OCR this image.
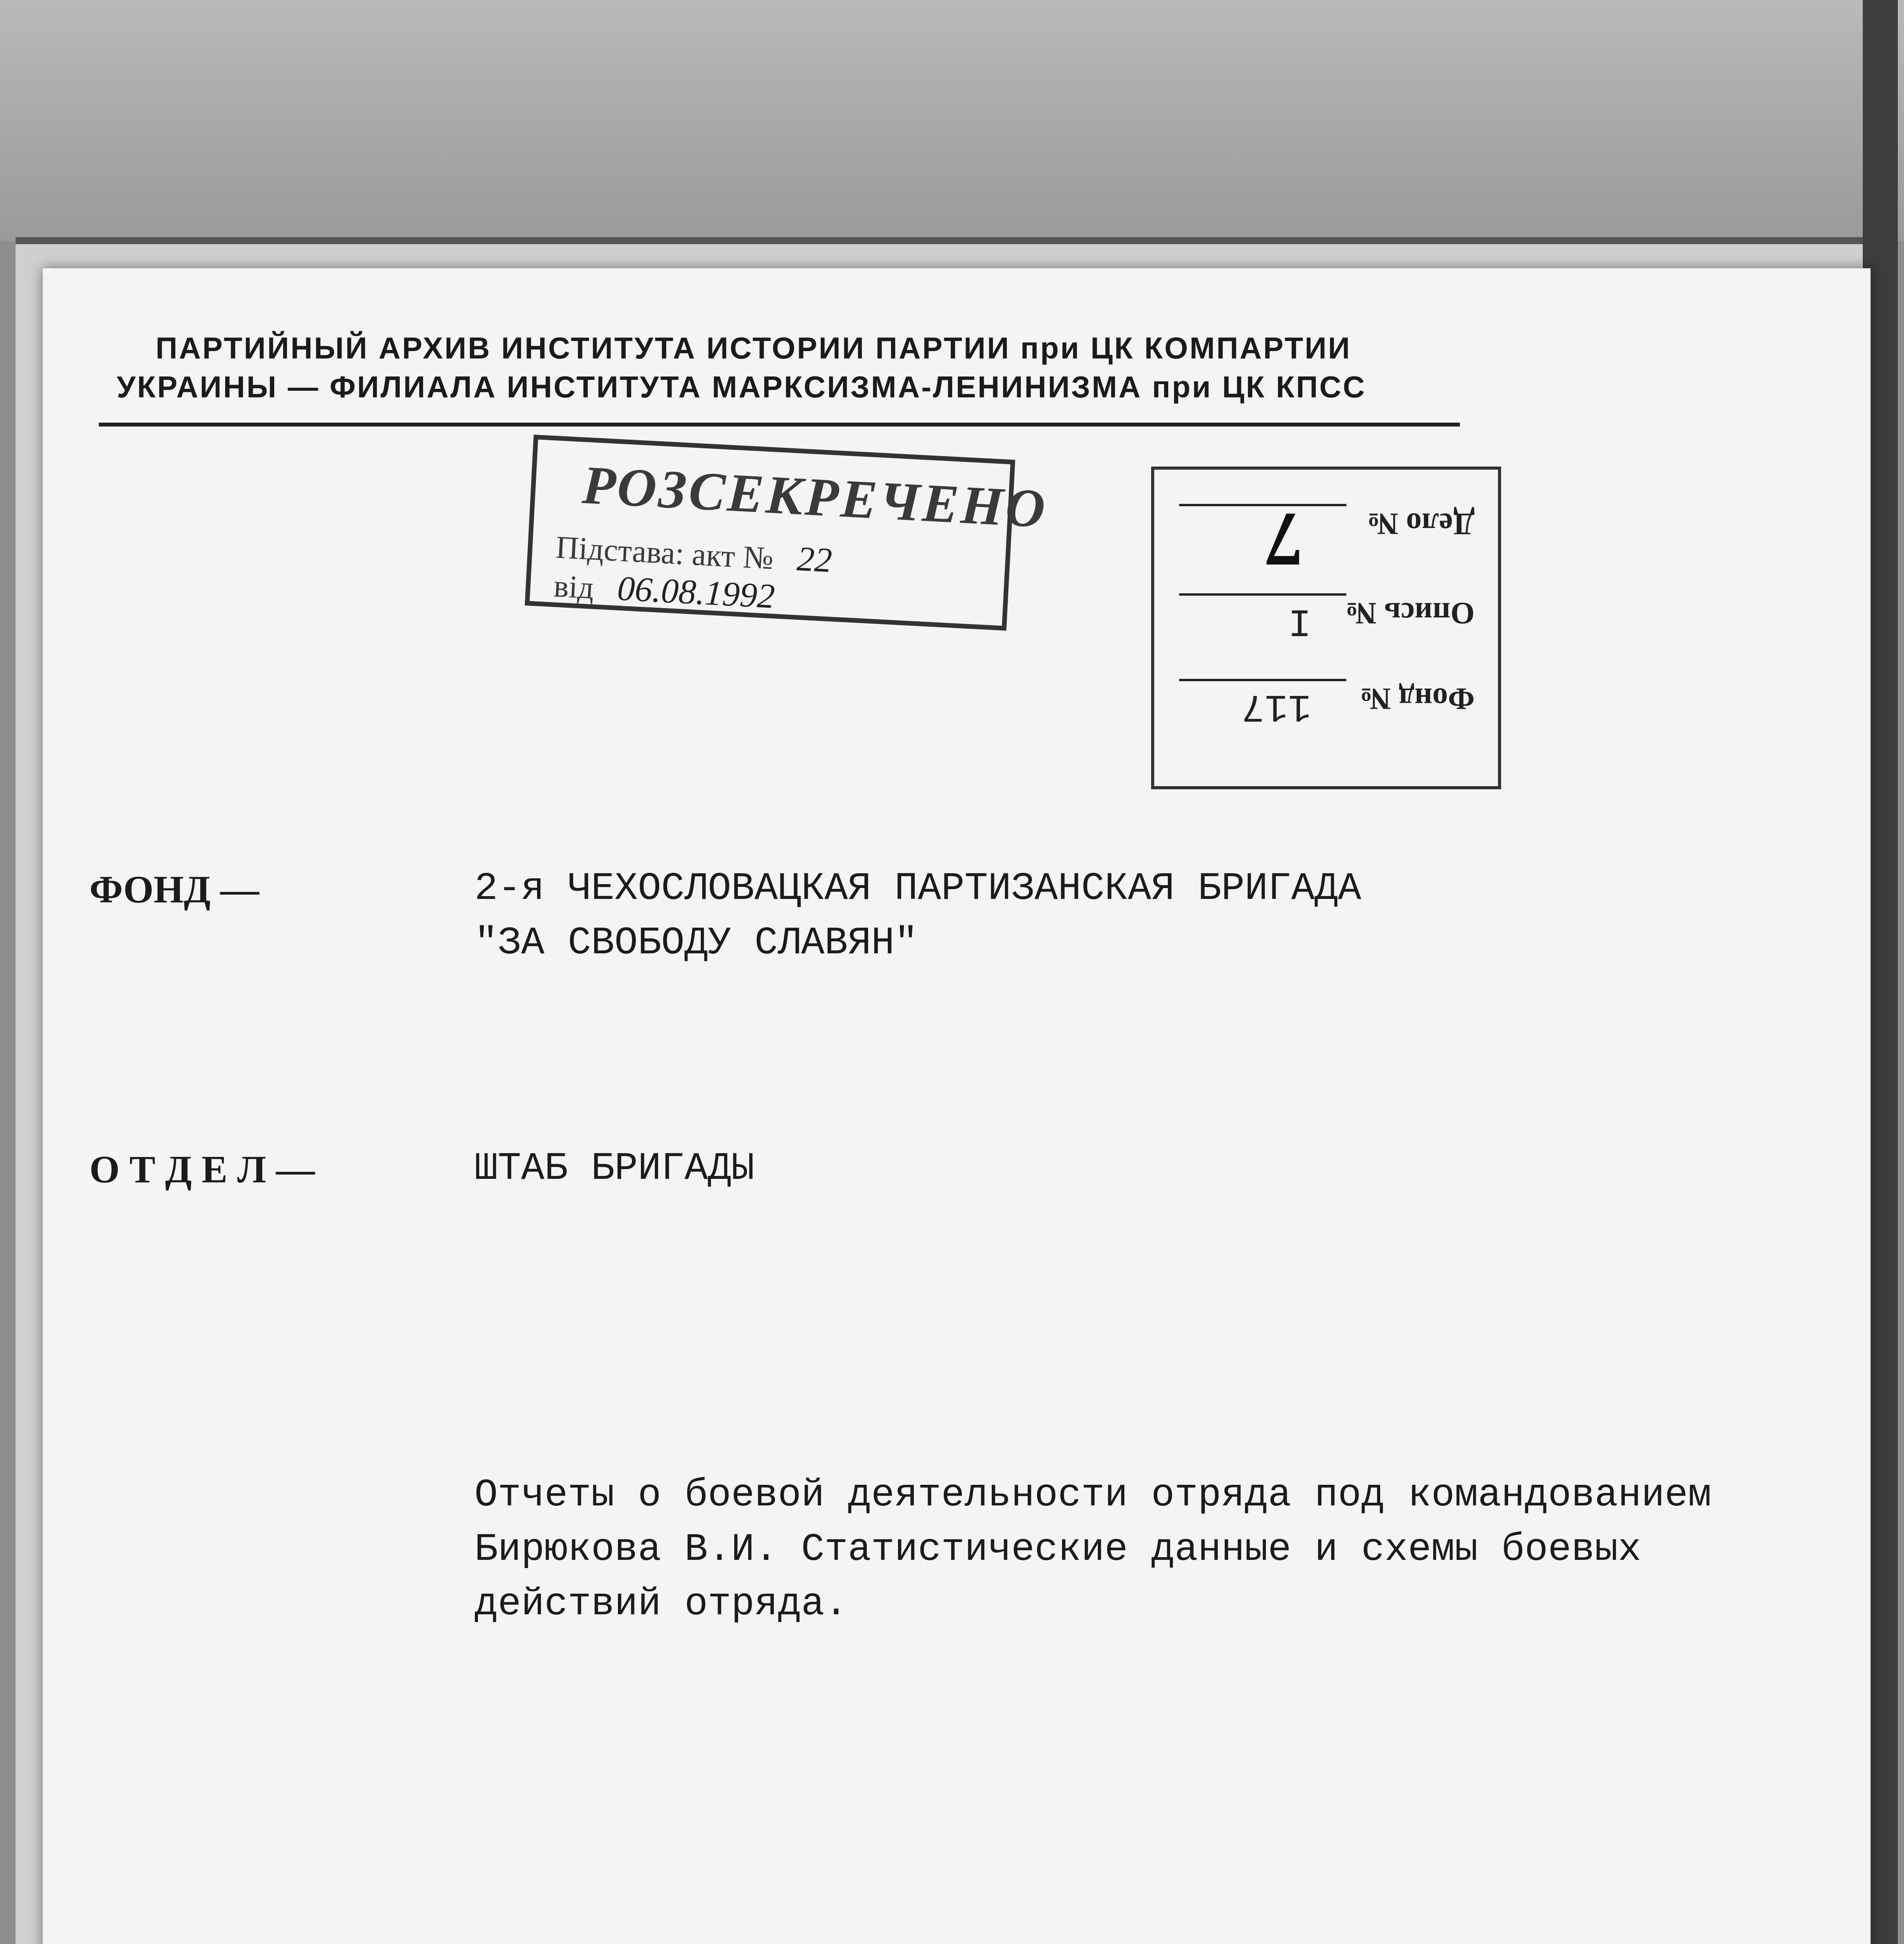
ПАРТИЙНЫЙ АРХИВ ИНСТИТУТА ИСТОРИИ ПАРТИИ при ЦК КОМПАРТИИ
УКРАИНЫ — ФИЛИАЛА ИНСТИТУТА МАРКСИЗМА-ЛЕНИНИЗМА при ЦК КПСС
РОЗСЕКРЕЧЕНО
Підстава: акт № 22
від 06.08.1992
Дело №
7
Опись №
I
Фонд №
117
ФОНД —	2-я ЧЕХОСЛОВАЦКАЯ ПАРТИЗАНСКАЯ БРИГАДА
"ЗА СВОБОДУ СЛАВЯН"
О Т Д Е Л —	ШТАБ БРИГАДЫ
Отчеты о боевой деятельности отряда под командованием
Бирюкова В.И. Статистические данные и схемы боевых
действий отряда.
